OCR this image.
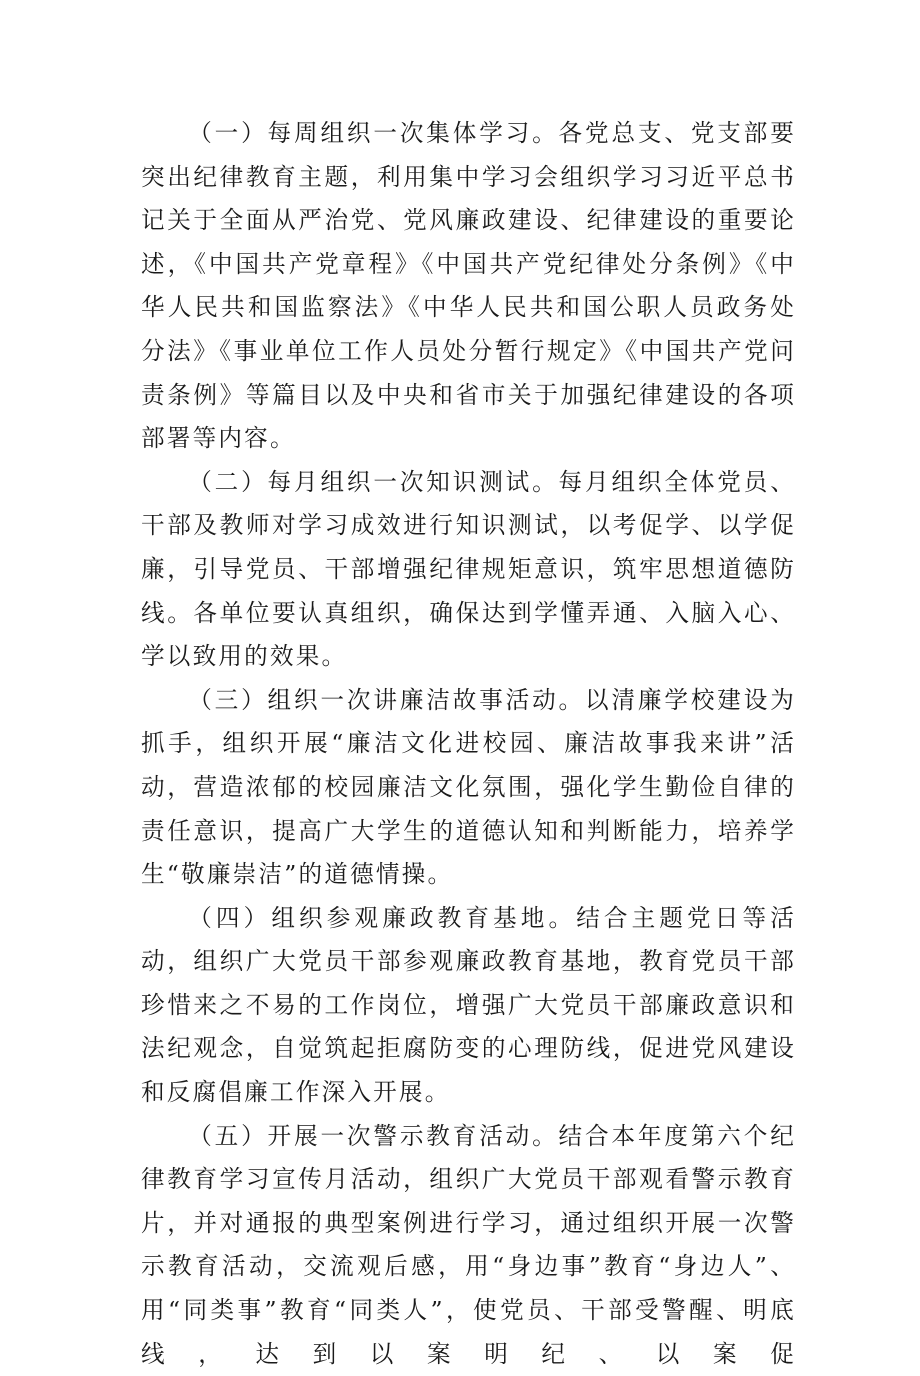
（一）每周组织一次集体学习。各党总支、党支部要突出纪律教育主题，利用集中学习会组织学习习近平总书记关于全面从严治党、党风廉政建设、纪律建设的重要论述，《中国共产党章程》《中国共产党纪律处分条例》《中华人民共和国监察法》《中华人民共和国公职人员政务处分法》《事业单位工作人员处分暂行规定》《中国共产党问责条例》等篇目以及中央和省市关于加强纪律建设的各项部署等内容。

（二）每月组织一次知识测试。每月组织全体党员、干部及教师对学习成效进行知识测试，以考促学、以学促廉，引导党员、干部增强纪律规矩意识，筑牢思想道德防线。各单位要认真组织，确保达到学懂弄通、入脑入心、学以致用的效果。

（三）组织一次讲廉洁故事活动。以清廉学校建设为抓手，组织开展“廉洁文化进校园、廉洁故事我来讲”活动，营造浓郁的校园廉洁文化氛围，强化学生勤俭自律的责任意识，提高广大学生的道德认知和判断能力，培养学生“敬廉崇洁”的道德情操。

（四）组织参观廉政教育基地。结合主题党日等活动，组织广大党员干部参观廉政教育基地，教育党员干部珍惜来之不易的工作岗位，增强广大党员干部廉政意识和法纪观念，自觉筑起拒腐防变的心理防线，促进党风建设和反腐倡廉工作深入开展。

（五）开展一次警示教育活动。结合本年度第六个纪律教育学习宣传月活动，组织广大党员干部观看警示教育片，并对通报的典型案例进行学习，通过组织开展一次警示教育活动，交流观后感，用“身边事”教育“身边人”、用“同类事”教育“同类人”，使党员、干部受警醒、明底线，达到以案明纪、以案促
